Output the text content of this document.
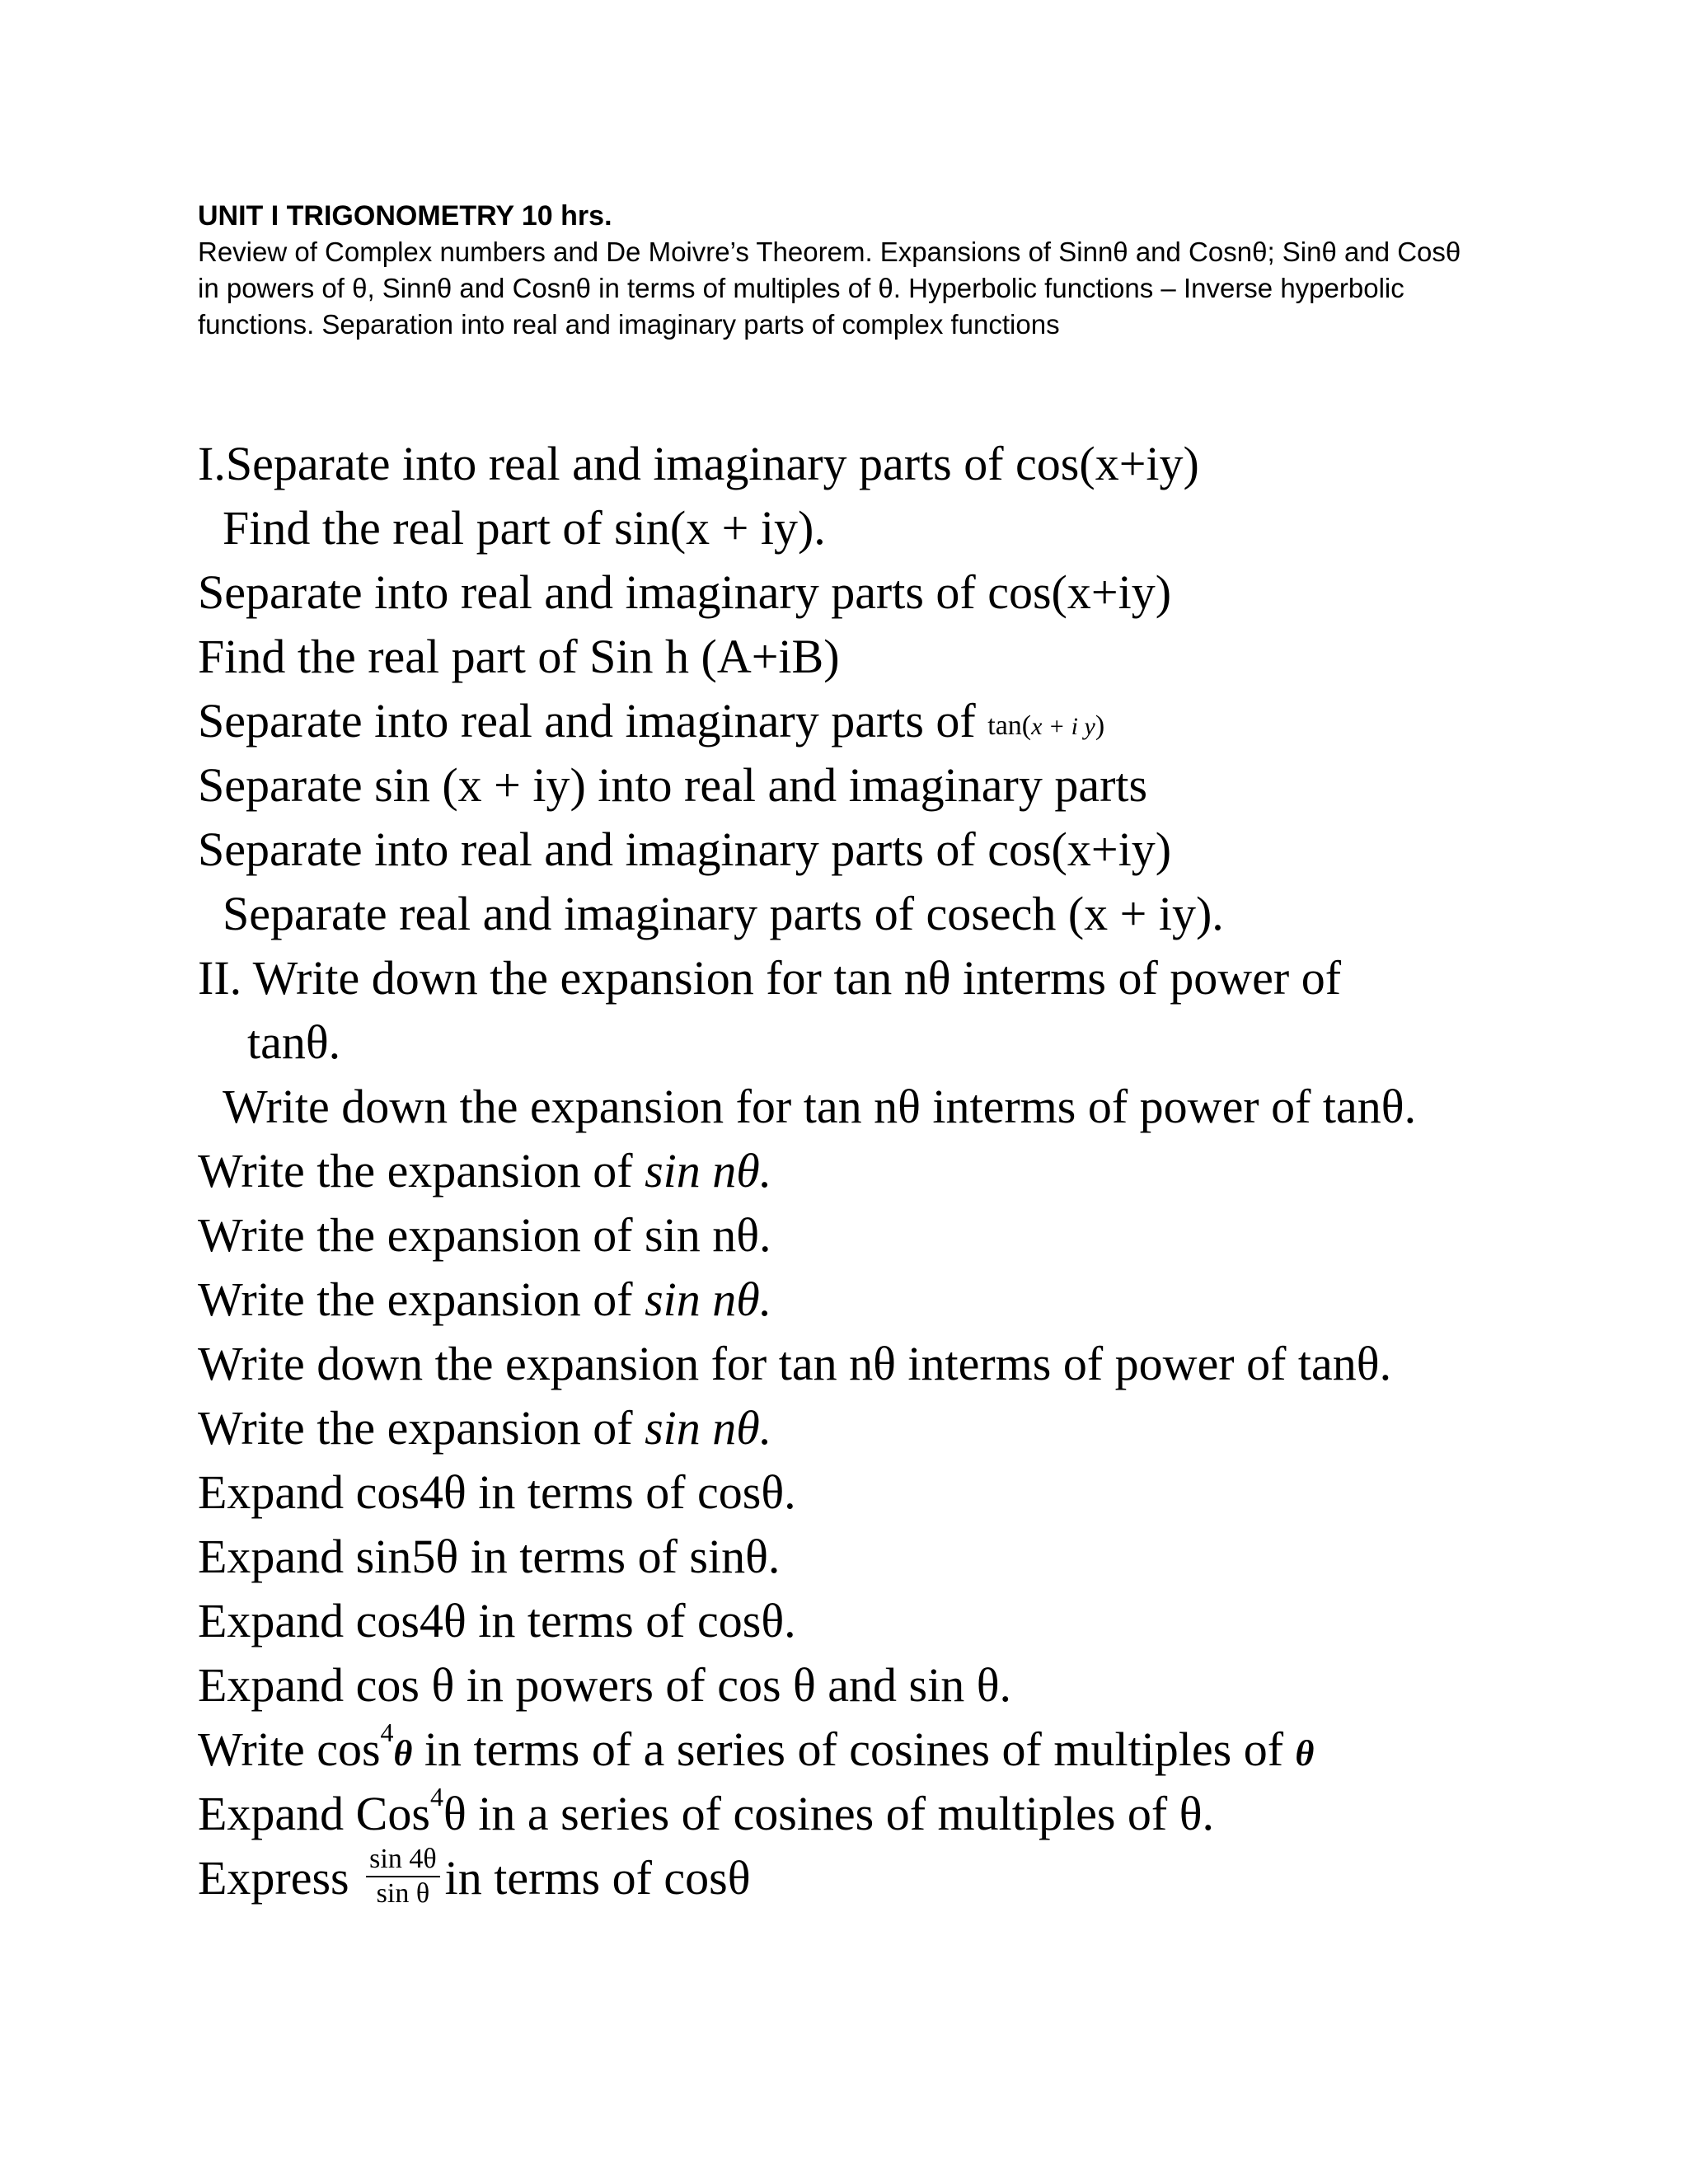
UNIT I TRIGONOMETRY 10 hrs.

Review of Complex numbers and De Moivre’s Theorem. Expansions of Sinnθ and Cosnθ; Sinθ and Cosθ in powers of θ, Sinnθ and Cosnθ in terms of multiples of θ. Hyperbolic functions – Inverse hyperbolic functions. Separation into real and imaginary parts of complex functions

I.Separate into real and imaginary parts of cos(x+iy)
Find the real part of sin(x + iy).
Separate into real and imaginary parts of cos(x+iy)
Find the real part of Sin h (A+iB)
Separate into real and imaginary parts of tan(x + i y)
Separate sin (x + iy) into real and imaginary parts
Separate into real and imaginary parts of cos(x+iy)
Separate real and imaginary parts of cosech (x + iy).
II. Write down the expansion for tan nθ interms of power of
tanθ.
Write down the expansion for tan nθ interms of power of tanθ.
Write the expansion of sin nθ.
Write the expansion of sin nθ.
Write the expansion of sin nθ.
Write down the expansion for tan nθ interms of power of tanθ.
Write the expansion of sin nθ.
Expand cos4θ in terms of cosθ.
Expand sin5θ in terms of sinθ.
Expand cos4θ in terms of cosθ.
Expand cos θ in powers of cos θ and sin θ.
Write $\cos^4\theta$ in terms of a series of cosines of multiples of θ
Expand Cos$^4$θ in a series of cosines of multiples of θ.
Express $\frac{\sin 4\theta}{\text{sin θ}}$ in terms of cosθ
